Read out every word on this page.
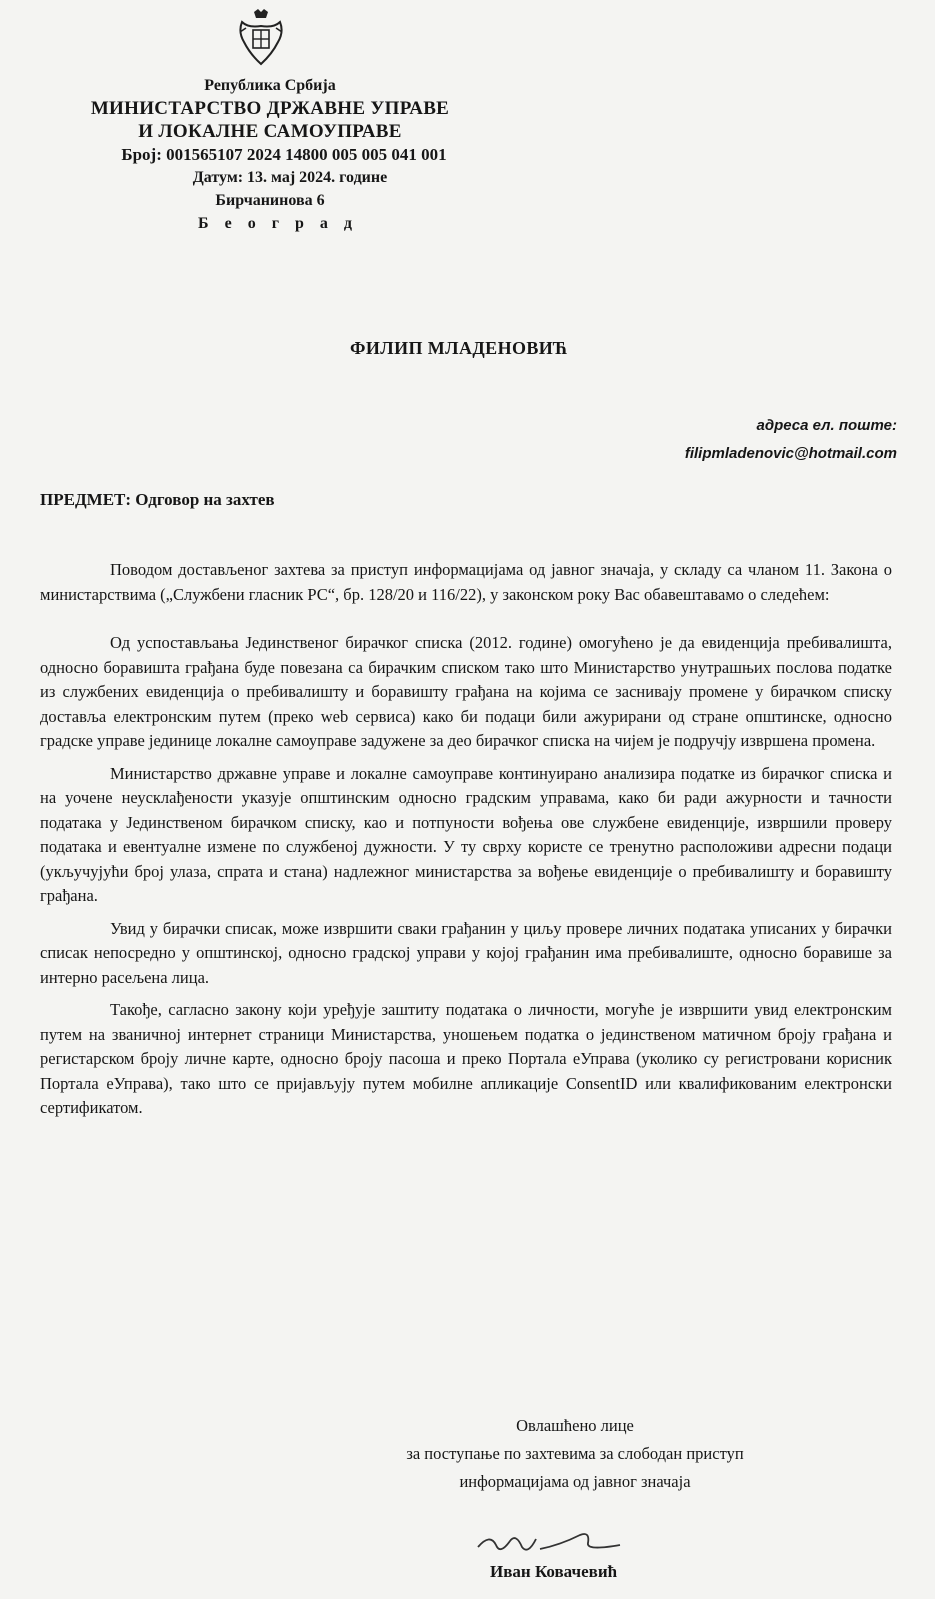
Република Србија
МИНИСТАРСТВО ДРЖАВНЕ УПРАВЕ
И ЛОКАЛНЕ САМОУПРАВЕ
Број: 001565107 2024 14800 005 005 041 001
Датум: 13. мај 2024. године
Бирчанинова 6
Б е о г р а д
ФИЛИП МЛАДЕНОВИЋ
адреса ел. поште:
filipmladenovic@hotmail.com
ПРЕДМЕТ: Одговор на захтев

Поводом достављеног захтева за приступ информацијама од јавног значаја, у складу са чланом 11. Закона о министарствима („Службени гласник РС“, бр. 128/20 и 116/22), у законском року Вас обавештавамо о следећем:

Од успостављања Јединственог бирачког списка (2012. године) омогућено је да евиденција пребивалишта, односно боравишта грађана буде повезана са бирачким списком тако што Министарство унутрашњих послова податке из службених евиденција о пребивалишту и боравишту грађана на којима се заснивају промене у бирачком списку доставља електронским путем (преко web сервиса) како би подаци били ажурирани од стране општинске, односно градске управе јединице локалне самоуправе задужене за део бирачког списка на чијем је подручју извршена промена.

Министарство државне управе и локалне самоуправе континуирано анализира податке из бирачког списка и на уочене неусклађености указује општинским односно градским управама, како би ради ажурности и тачности података у Јединственом бирачком списку, као и потпуности вођења ове службене евиденције, извршили проверу података и евентуалне измене по службеној дужности. У ту сврху користе се тренутно расположиви адресни подаци (укључујући број улаза, спрата и стана) надлежног министарства за вођење евиденције о пребивалишту и боравишту грађана.

Увид у бирачки списак, може извршити сваки грађанин у циљу провере личних података уписаних у бирачки списак непосредно у општинској, односно градској управи у којој грађанин има пребивалиште, односно боравише за интерно расељена лица.

Такође, сагласно закону који уређује заштиту података о личности, могуће је извршити увид електронским путем на званичној интернет страници Министарства, уношењем податка о јединственом матичном броју грађана и регистарском броју личне карте, односно броју пасоша и преко Портала еУправа (уколико су регистровани корисник Портала еУправа), тако што се пријављују путем мобилне апликације ConsentID или квалификованим електронски сертификатом.

Овлашћено лице
за поступање по захтевима за слободан приступ
информацијама од јавног значаја
Иван Ковачевић
